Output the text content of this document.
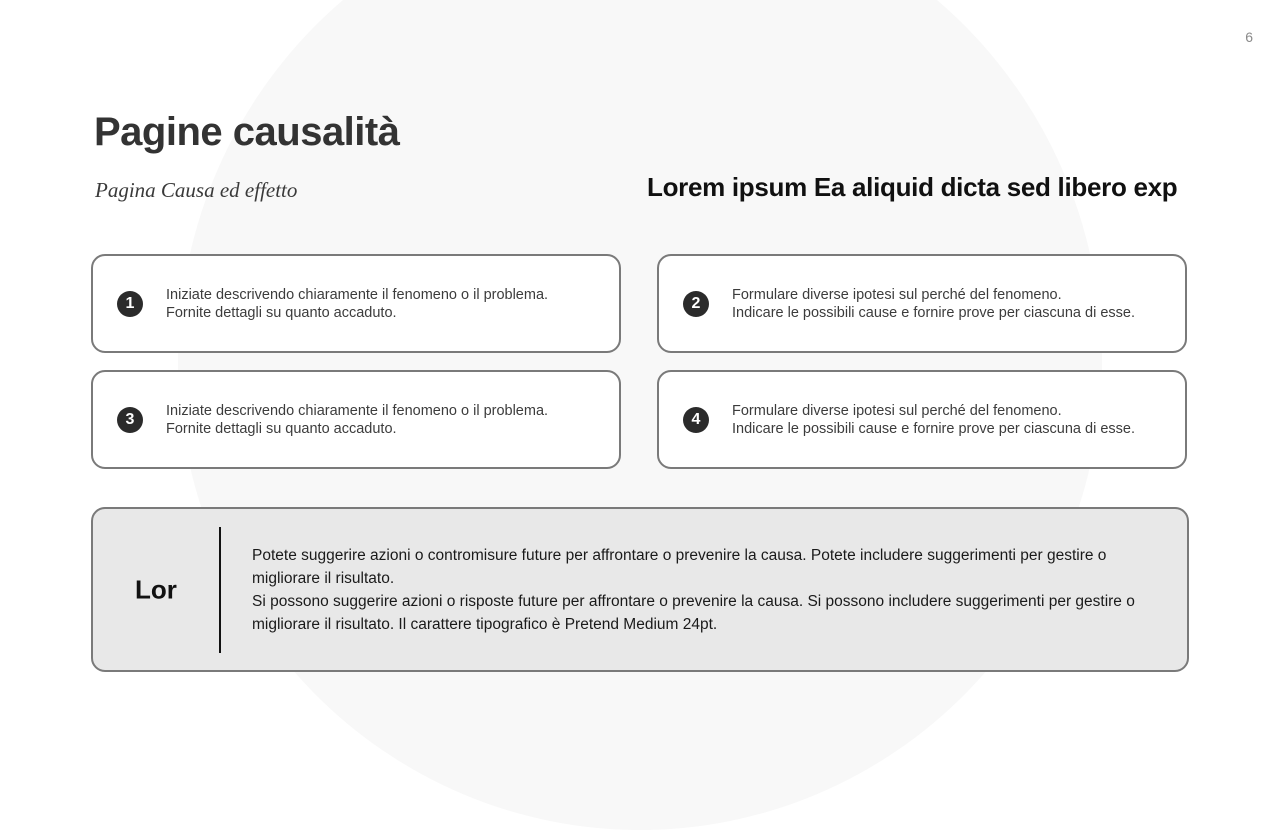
6
Pagine causalità

Pagina Causa ed effetto	Lorem ipsum Ea aliquid dicta sed libero exp
1	Iniziate descrivendo chiaramente il fenomeno o il problema.
Fornite dettagli su quanto accaduto.
2	Formulare diverse ipotesi sul perché del fenomeno.
Indicare le possibili cause e fornire prove per ciascuna di esse.
3	Iniziate descrivendo chiaramente il fenomeno o il problema.
Fornite dettagli su quanto accaduto.
4	Formulare diverse ipotesi sul perché del fenomeno.
Indicare le possibili cause e fornire prove per ciascuna di esse.
Lor
Potete suggerire azioni o contromisure future per affrontare o prevenire la causa. Potete includere suggerimenti per gestire o migliorare il risultato.
Si possono suggerire azioni o risposte future per affrontare o prevenire la causa. Si possono includere suggerimenti per gestire o migliorare il risultato. Il carattere tipografico è Pretend Medium 24pt.
